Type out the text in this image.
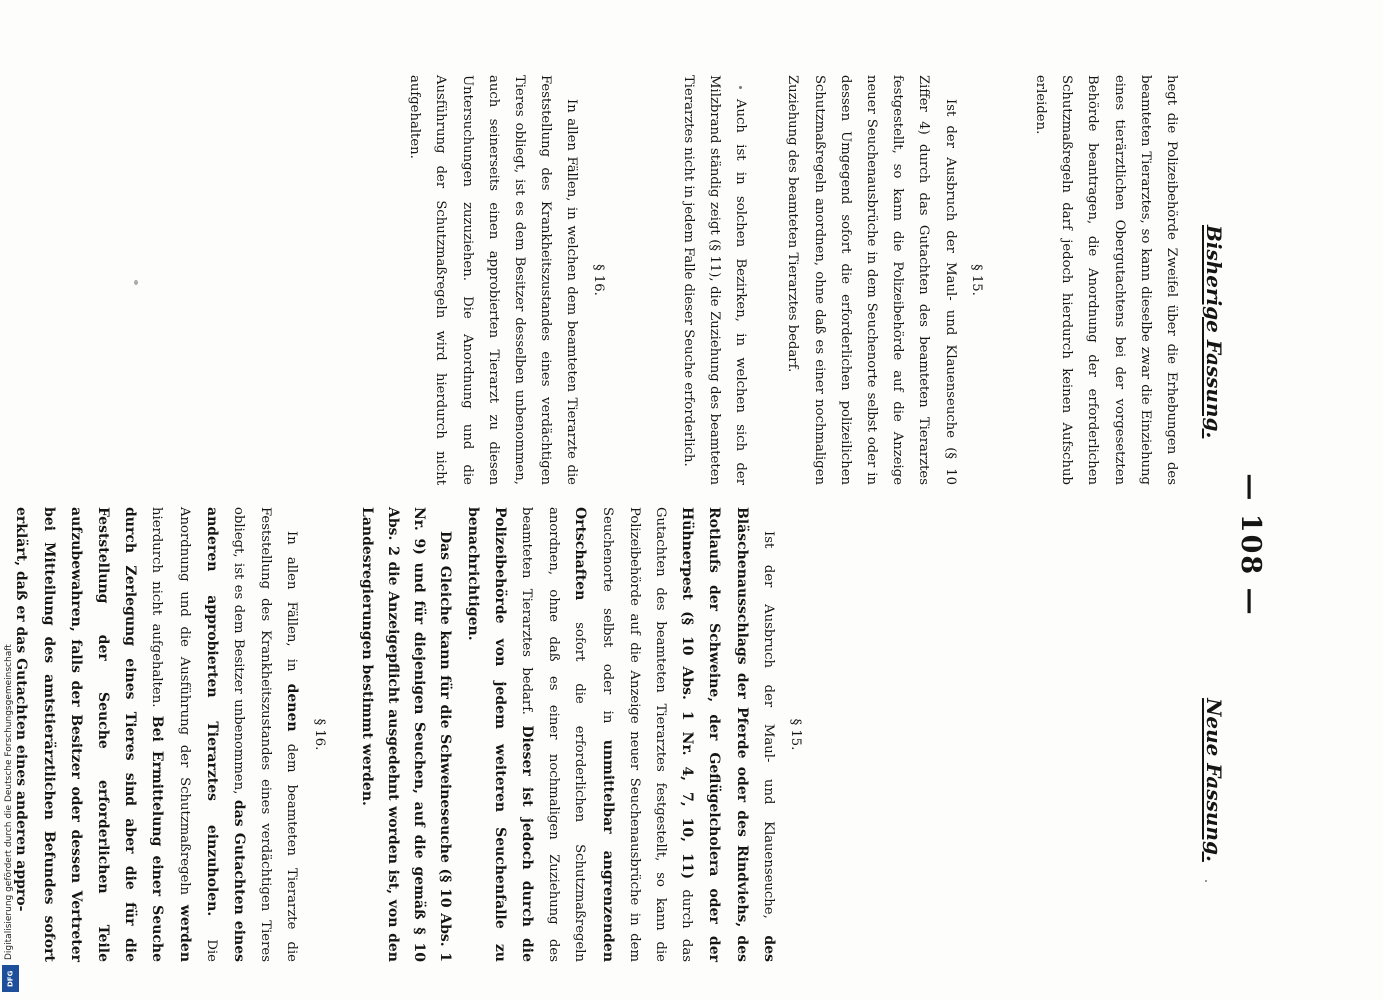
— 108 —
Bisherige Fassung.
Neue Fassung.

hegt die Polizeibehörde Zweifel über die Erhebungen des beamteten Tierarztes, so kann dieselbe zwar die Einziehung eines tierärztlichen Obergutachtens bei der vorgesetzten Behörde beantragen, die Anordnung der erforderlichen Schutzmaßregeln darf jedoch hierdurch keinen Aufschub erleiden.

§ 15.

Ist der Ausbruch der Maul- und Klauenseuche (§ 10 Ziffer 4) durch das Gutachten des beamteten Tierarztes festgestellt, so kann die Polizeibehörde auf die Anzeige neuer Seuchenausbrüche in dem Seuchenorte selbst oder in dessen Umgegend sofort die erforderlichen polizeilichen Schutzmaßregeln anordnen, ohne daß es einer nochmaligen Zuziehung des beamteten Tierarztes bedarf.

Auch ist in solchen Bezirken, in welchen sich der Milzbrand ständig zeigt (§ 11), die Zuziehung des beamteten Tierarztes nicht in jedem Falle dieser Seuche erforderlich.

§ 16.

In allen Fällen, in welchen dem beamteten Tierarzte die Feststellung des Krankheitszustandes eines verdächtigen Tieres obliegt, ist es dem Besitzer desselben unbenommen, auch seinerseits einen approbierten Tierarzt zu diesen Untersuchungen zuzuziehen. Die Anordnung und die Ausführung der Schutzmaßregeln wird hierdurch nicht aufgehalten.

§ 15.

Ist der Ausbruch der Maul- und Klauenseuche, des Bläschenausschlags der Pferde oder des Rindviehs, des Rotlaufs der Schweine, der Geflügelcholera oder der Hühnerpest (§ 10 Abs. 1 Nr. 4, 7, 10, 11) durch das Gutachten des beamteten Tierarztes festgestellt, so kann die Polizeibehörde auf die Anzeige neuer Seuchenausbrüche in dem Seuchenorte selbst oder in unmittelbar angrenzenden Ortschaften sofort die erforderlichen Schutzmaßregeln anordnen, ohne daß es einer nochmaligen Zuziehung des beamteten Tierarztes bedarf. Dieser ist jedoch durch die Polizeibehörde von jedem weiteren Seuchenfalle zu benachrichtigen.

Das Gleiche kann für die Schweineseuche (§ 10 Abs. 1 Nr. 9) und für diejenigen Seuchen, auf die gemäß § 10 Abs. 2 die Anzeigepflicht ausgedehnt worden ist, von den Landesregierungen bestimmt werden.

§ 16.

In allen Fällen, in denen dem beamteten Tierarzte die Feststellung des Krankheitszustandes eines verdächtigen Tieres obliegt, ist es dem Besitzer unbenommen, das Gutachten eines anderen approbierten Tierarztes einzuholen. Die Anordnung und die Ausführung der Schutzmaßregeln werden hierdurch nicht aufgehalten. Bei Ermittelung einer Seuche durch Zerlegung eines Tieres sind aber die für die Feststellung der Seuche erforderlichen Teile aufzubewahren, falls der Besitzer oder dessen Vertreter bei Mitteilung des amtstierärztlichen Befundes sofort erklärt, daß er das Gutachten eines anderen appro-

Digitalisierung gefördert durch die Deutsche Forschungsgemeinschaft
DFG
